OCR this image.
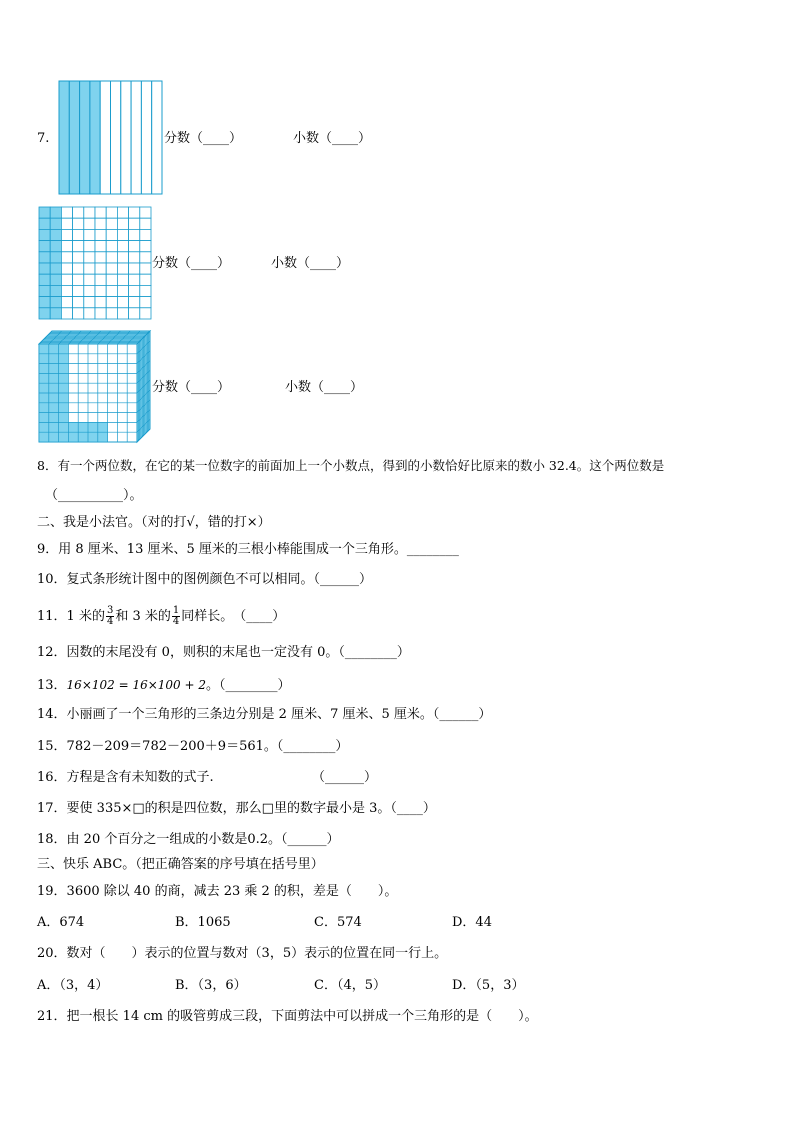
7.	分数（____）	小数（____）
分数（____）	小数（____）
分数（____）	小数（____）
8．有一个两位数，在它的某一位数字的前面加上一个小数点，得到的小数恰好比原来的数小 32.4。这个两位数是
（__________）。
二、我是小法官。（对的打√，错的打×）
9．用 8 厘米、13 厘米、5 厘米的三根小棒能围成一个三角形。________
10．复式条形统计图中的图例颜色不可以相同。（______）
11．1 米的 $\frac{3}{4}$ 和 3 米的 $\frac{1}{4}$ 同样长。　（____）
12．因数的末尾没有 0，则积的末尾也一定没有 0。（________）
13．16×102 = 16×100 + 2。（________）
14．小丽画了一个三角形的三条边分别是 2 厘米、7 厘米、5 厘米。（______）
15．782－209＝782－200＋9＝561。（________）
16．方程是含有未知数的式子.	（______）
17．要使 335×□的积是四位数，那么□里的数字最小是 3。（____）
18．由 20 个百分之一组成的小数是0.2。（______）
三、快乐 ABC。（把正确答案的序号填在括号里）
19．3600 除以 40 的商，减去 23 乘 2 的积，差是（　　）。
A．674	B．1065	C．574	D．44
20．数对（　　）表示的位置与数对（3，5）表示的位置在同一行上。
A．（3，4）	B．（3，6）	C．（4，5）	D．（5，3）
21．把一根长 14 cm 的吸管剪成三段，下面剪法中可以拼成一个三角形的是（　　）。
